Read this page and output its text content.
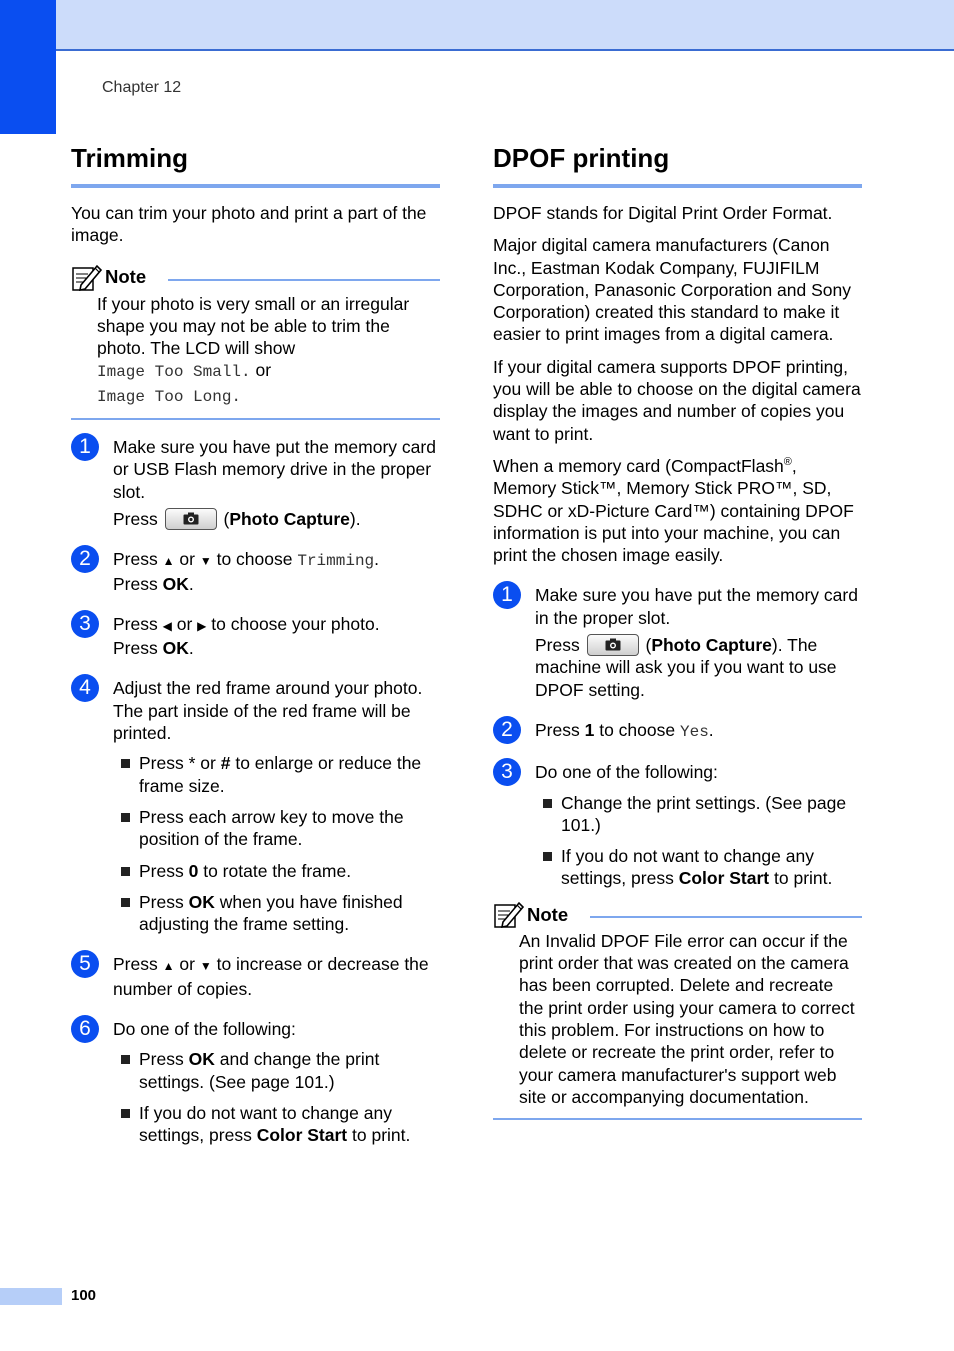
Chapter 12
Trimming

You can trim your photo and print a part of the image.

Note
If your photo is very small or an irregular shape you may not be able to trim the photo. The LCD will show
Image Too Small. or
Image Too Long.
1	Make sure you have put the memory card or USB Flash memory drive in the proper slot.

Press	(Photo Capture).

2	Press ▲ or ▼ to choose Trimming.
Press OK.

3	Press ◀ or ▶ to choose your photo.
Press OK.

4	Adjust the red frame around your photo. The part inside of the red frame will be printed.

Press * or # to enlarge or reduce the frame size.
Press each arrow key to move the position of the frame.
Press 0 to rotate the frame.
Press OK when you have finished adjusting the frame setting.
5	Press ▲ or ▼ to increase or decrease the number of copies.

6	Do one of the following:

Press OK and change the print settings. (See page 101.)
If you do not want to change any settings, press Color Start to print.
DPOF printing

DPOF stands for Digital Print Order Format.

Major digital camera manufacturers (Canon Inc., Eastman Kodak Company, FUJIFILM Corporation, Panasonic Corporation and Sony Corporation) created this standard to make it easier to print images from a digital camera.

If your digital camera supports DPOF printing, you will be able to choose on the digital camera display the images and number of copies you want to print.

When a memory card (CompactFlash®, Memory Stick™, Memory Stick PRO™, SD, SDHC or xD-Picture Card™) containing DPOF information is put into your machine, you can print the chosen image easily.

1	Make sure you have put the memory card in the proper slot.

Press	(Photo Capture). The machine will ask you if you want to use DPOF setting.

2	Press 1 to choose Yes.

3	Do one of the following:

Change the print settings. (See page 101.)
If you do not want to change any settings, press Color Start to print.
Note
An Invalid DPOF File error can occur if the print order that was created on the camera has been corrupted. Delete and recreate the print order using your camera to correct this problem. For instructions on how to delete or recreate the print order, refer to your camera manufacturer's support web site or accompanying documentation.
100
